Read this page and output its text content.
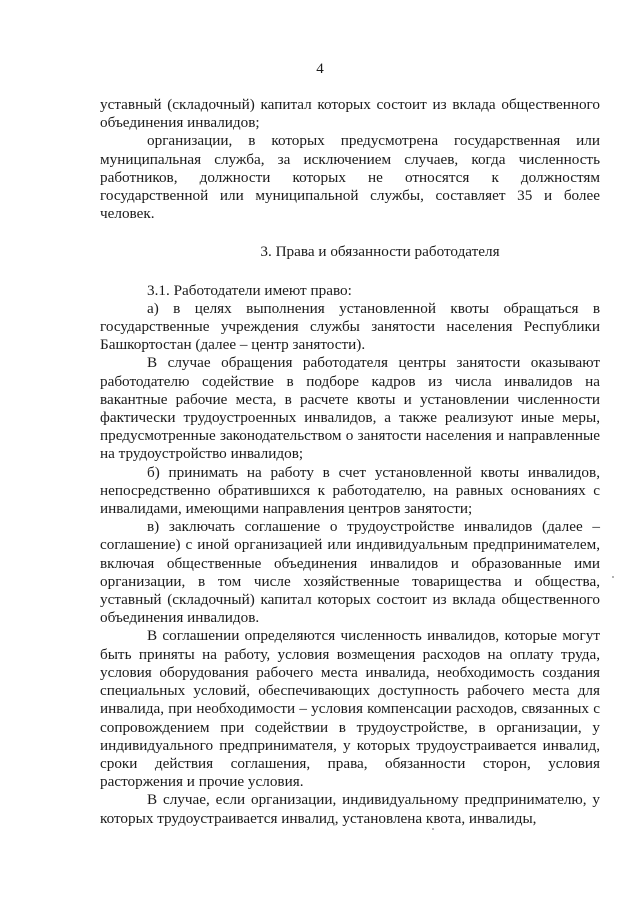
4

уставный (складочный) капитал которых состоит из вклада общественного объединения инвалидов;

организации, в которых предусмотрена государственная или муниципальная служба, за исключением случаев, когда численность работников, должности которых не относятся к должностям государственной или муниципальной службы, составляет 35 и более человек.

3. Права и обязанности работодателя

3.1. Работодатели имеют право:

а) в целях выполнения установленной квоты обращаться в государственные учреждения службы занятости населения Республики Башкортостан (далее – центр занятости).

В случае обращения работодателя центры занятости оказывают работодателю содействие в подборе кадров из числа инвалидов на вакантные рабочие места, в расчете квоты и установлении численности фактически трудоустроенных инвалидов, а также реализуют иные меры, предусмотренные законодательством о занятости населения и направленные на трудоустройство инвалидов;

б) принимать на работу в счет установленной квоты инвалидов, непосредственно обратившихся к работодателю, на равных основаниях с инвалидами, имеющими направления центров занятости;

в) заключать соглашение о трудоустройстве инвалидов (далее – соглашение) с иной организацией или индивидуальным предпринимателем, включая общественные объединения инвалидов и образованные ими организации, в том числе хозяйственные товарищества и общества, уставный (складочный) капитал которых состоит из вклада общественного объединения инвалидов.

В соглашении определяются численность инвалидов, которые могут быть приняты на работу, условия возмещения расходов на оплату труда, условия оборудования рабочего места инвалида, необходимость создания специальных условий, обеспечивающих доступность рабочего места для инвалида, при необходимости – условия компенсации расходов, связанных с сопровождением при содействии в трудоустройстве, в организации, у индивидуального предпринимателя, у которых трудоустраивается инвалид, сроки действия соглашения, права, обязанности сторон, условия расторжения и прочие условия.

В случае, если организации, индивидуальному предпринимателю, у которых трудоустраивается инвалид, установлена квота, инвалиды,
